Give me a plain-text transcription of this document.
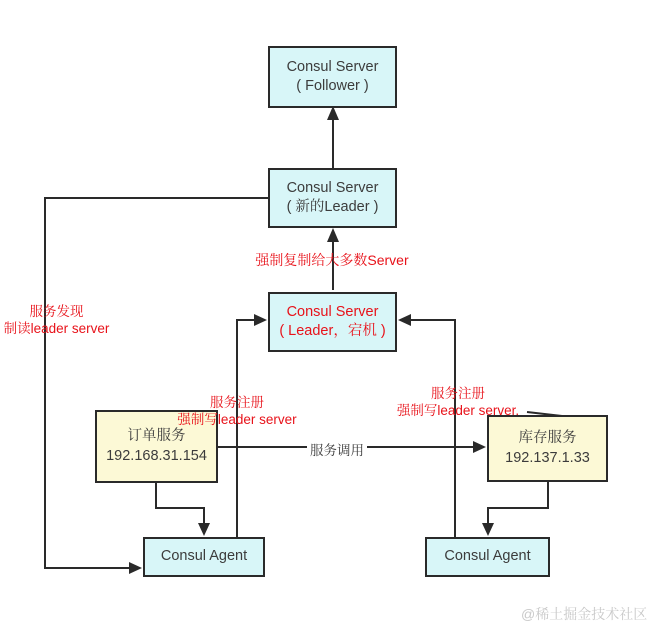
Consul Server
( Follower )
Consul Server
( 新的Leader )
Consul Server
( Leader，宕机 )
订单服务
192.168.31.154
库存服务
192.137.1.33
Consul Agent	Consul Agent
强制复制给大多数Server
服务发现
制读leader server
服务注册
强制写leader server
服务注册
强制写leader server.
服务调用
@稀土掘金技术社区
